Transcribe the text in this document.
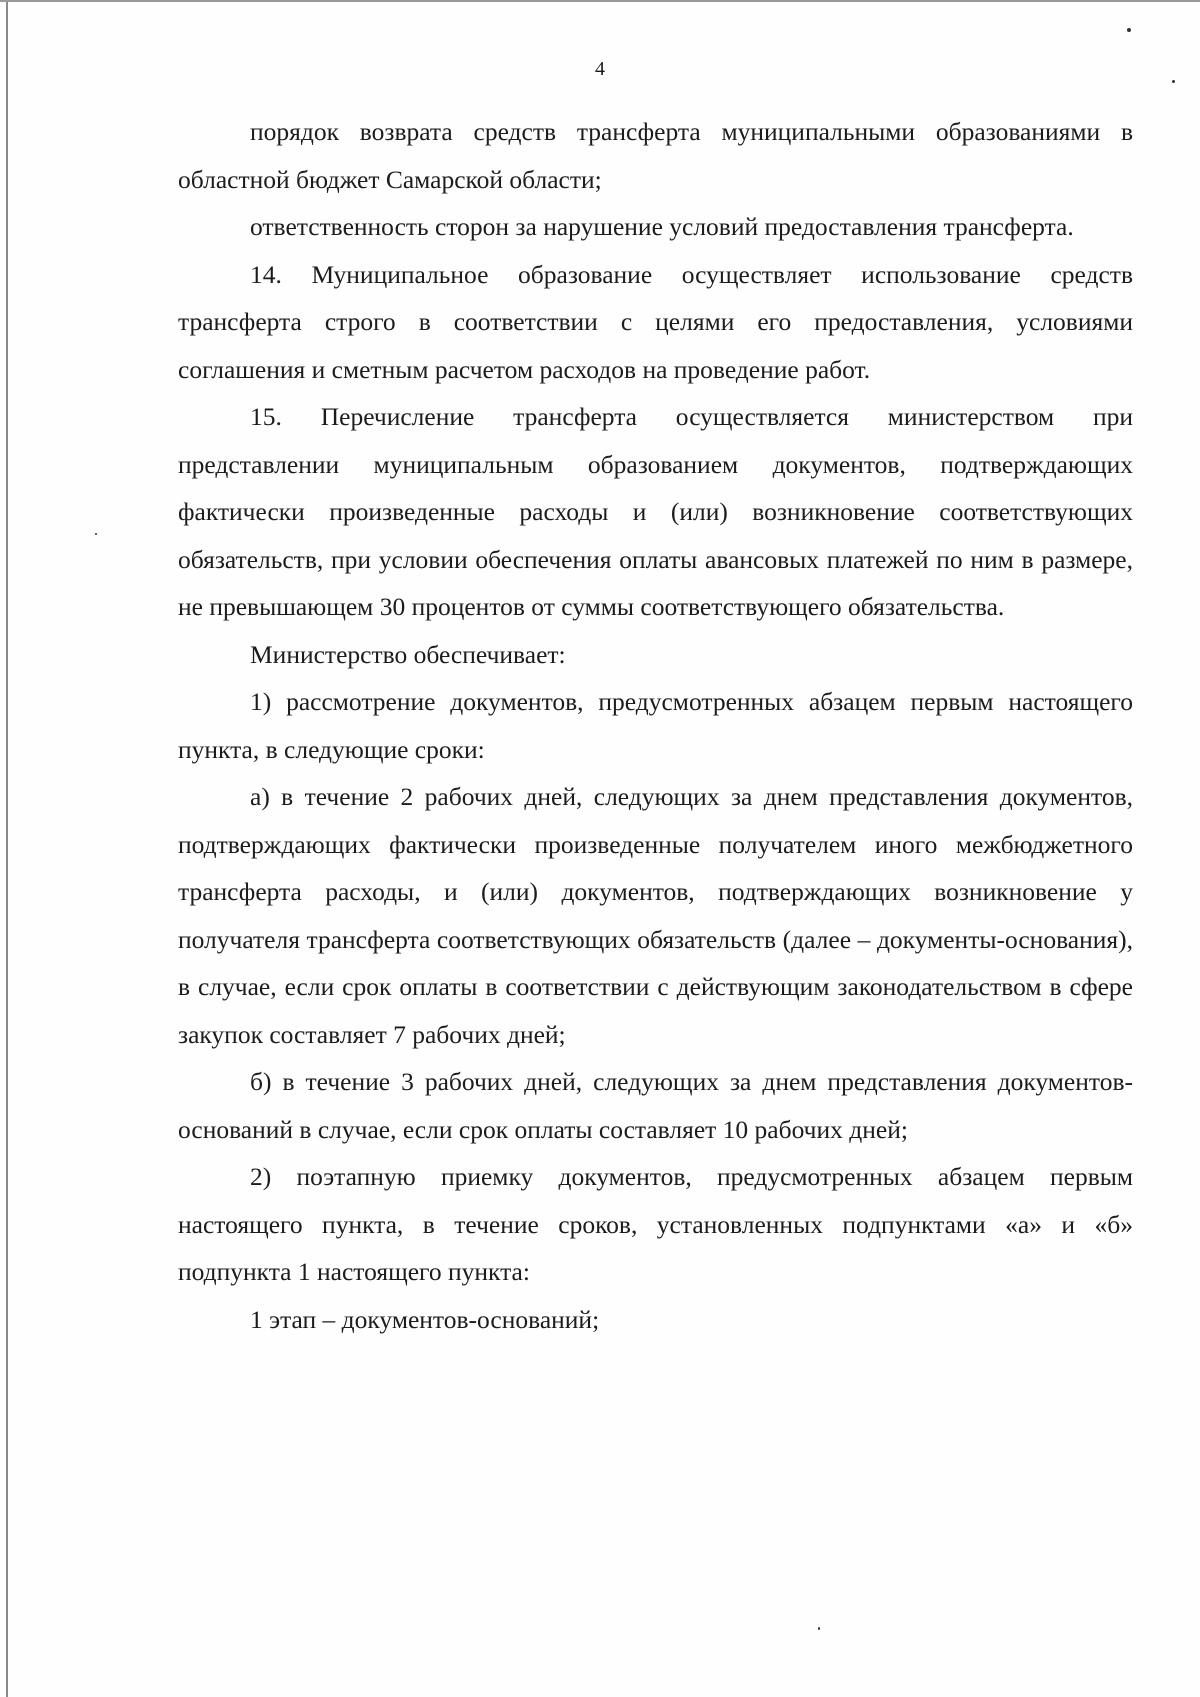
4

порядок возврата средств трансферта муниципальными образованиями в областной бюджет Самарской области;

ответственность сторон за нарушение условий предоставления трансферта.

14. Муниципальное образование осуществляет использование средств трансферта строго в соответствии с целями его предоставления, условиями соглашения и сметным расчетом расходов на проведение работ.

15. Перечисление трансферта осуществляется министерством при представлении муниципальным образованием документов, подтверждающих фактически произведенные расходы и (или) возникновение соответствующих обязательств, при условии обеспечения оплаты авансовых платежей по ним в размере, не превышающем 30 процентов от суммы соответствующего обязательства.

Министерство обеспечивает:

1) рассмотрение документов, предусмотренных абзацем первым настоящего пункта, в следующие сроки:

а) в течение 2 рабочих дней, следующих за днем представления документов, подтверждающих фактически произведенные получателем иного межбюджетного трансферта расходы, и (или) документов, подтверждающих возникновение у получателя трансферта соответствующих обязательств (далее – документы-основания), в случае, если срок оплаты в соответствии с действующим законодательством в сфере закупок составляет 7 рабочих дней;

б) в течение 3 рабочих дней, следующих за днем представления документов-оснований в случае, если срок оплаты составляет 10 рабочих дней;

2) поэтапную приемку документов, предусмотренных абзацем первым настоящего пункта, в течение сроков, установленных подпунктами «а» и «б» подпункта 1 настоящего пункта:

1 этап – документов-оснований;
